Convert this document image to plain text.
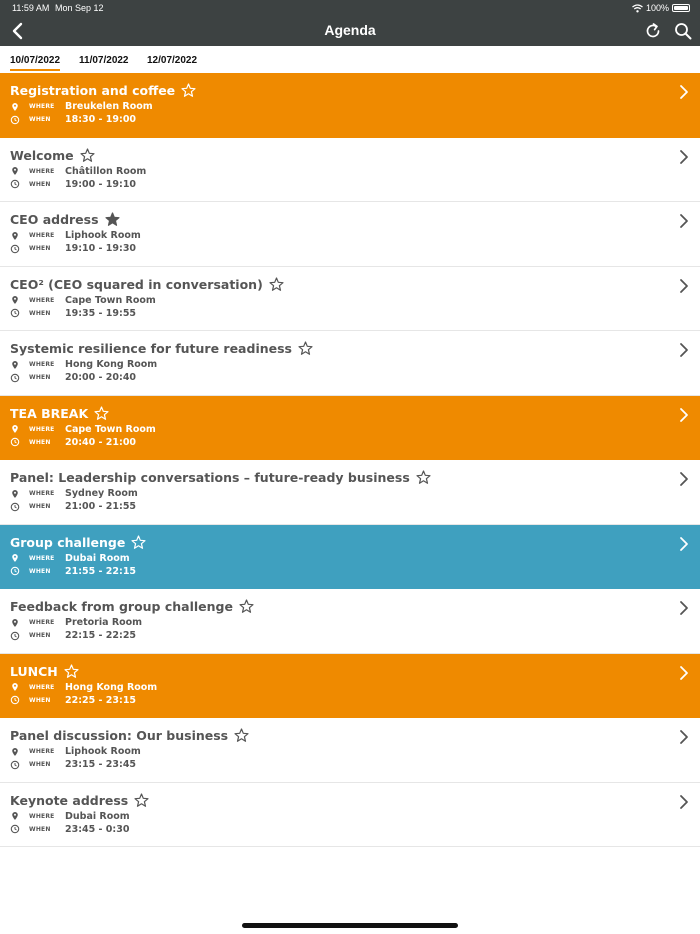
11:59 AM Mon Sep 12	100%
Agenda
10/07/2022 11/07/2022 12/07/2022
Registration and coffee
WHERE	Breukelen Room
WHEN	18:30 - 19:00
Welcome
WHERE	Châtillon Room
WHEN	19:00 - 19:10
CEO address
WHERE	Liphook Room
WHEN	19:10 - 19:30
CEO² (CEO squared in conversation)
WHERE	Cape Town Room
WHEN	19:35 - 19:55
Systemic resilience for future readiness
WHERE	Hong Kong Room
WHEN	20:00 - 20:40
TEA BREAK
WHERE	Cape Town Room
WHEN	20:40 - 21:00
Panel: Leadership conversations – future-ready business
WHERE	Sydney Room
WHEN	21:00 - 21:55
Group challenge
WHERE	Dubai Room
WHEN	21:55 - 22:15
Feedback from group challenge
WHERE	Pretoria Room
WHEN	22:15 - 22:25
LUNCH
WHERE	Hong Kong Room
WHEN	22:25 - 23:15
Panel discussion: Our business
WHERE	Liphook Room
WHEN	23:15 - 23:45
Keynote address
WHERE	Dubai Room
WHEN	23:45 - 0:30
